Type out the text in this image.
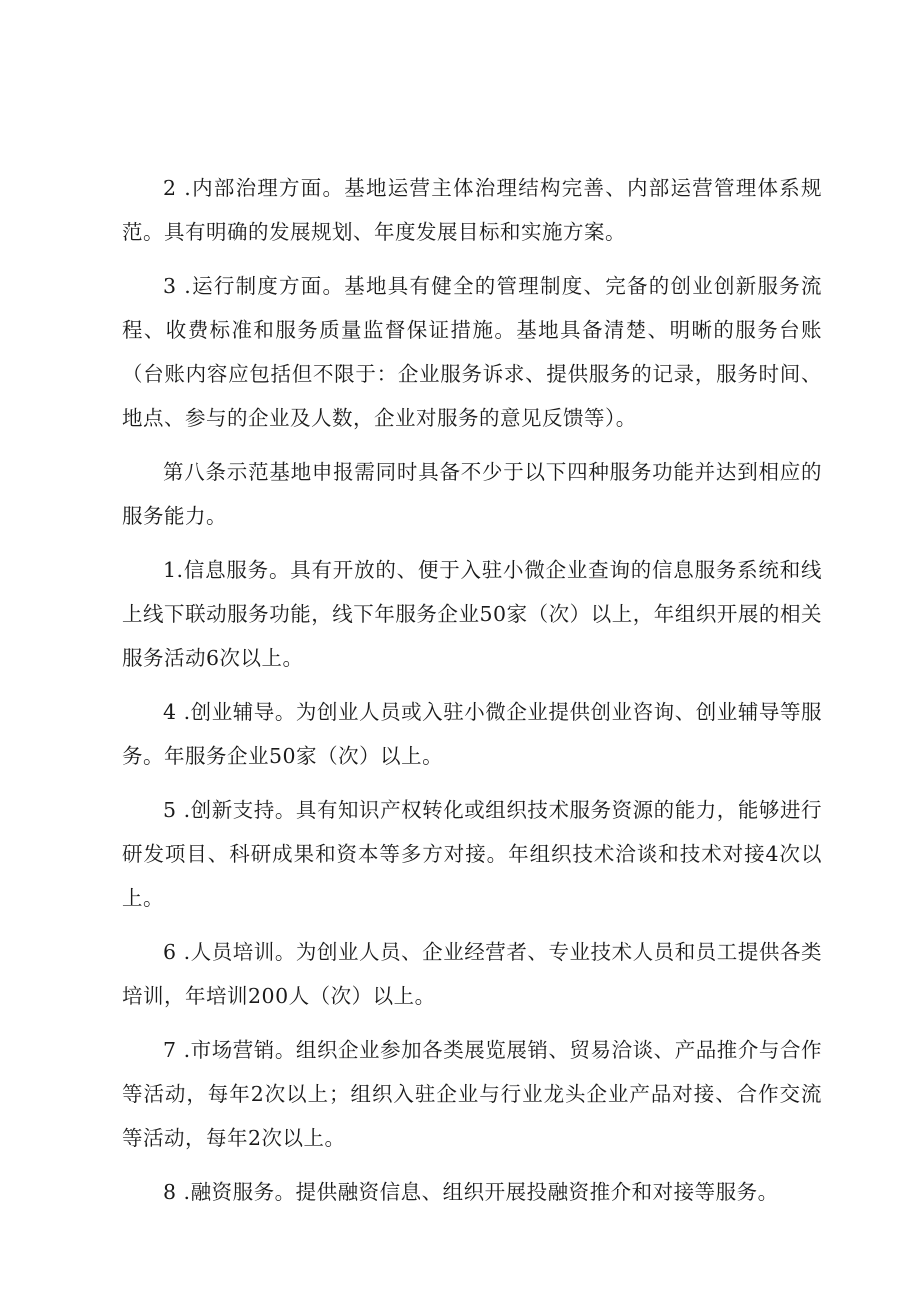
2 .内部治理方面。基地运营主体治理结构完善、内部运营管理体系规范。具有明确的发展规划、年度发展目标和实施方案。

3 .运行制度方面。基地具有健全的管理制度、完备的创业创新服务流程、收费标准和服务质量监督保证措施。基地具备清楚、明晰的服务台账（台账内容应包括但不限于：企业服务诉求、提供服务的记录，服务时间、地点、参与的企业及人数，企业对服务的意见反馈等）。

第八条示范基地申报需同时具备不少于以下四种服务功能并达到相应的服务能力。

1.信息服务。具有开放的、便于入驻小微企业查询的信息服务系统和线上线下联动服务功能，线下年服务企业50家（次）以上，年组织开展的相关服务活动6次以上。

4 .创业辅导。为创业人员或入驻小微企业提供创业咨询、创业辅导等服务。年服务企业50家（次）以上。

5 .创新支持。具有知识产权转化或组织技术服务资源的能力，能够进行研发项目、科研成果和资本等多方对接。年组织技术洽谈和技术对接4次以上。

6 .人员培训。为创业人员、企业经营者、专业技术人员和员工提供各类培训，年培训200人（次）以上。

7 .市场营销。组织企业参加各类展览展销、贸易洽谈、产品推介与合作等活动，每年2次以上；组织入驻企业与行业龙头企业产品对接、合作交流等活动，每年2次以上。

8 .融资服务。提供融资信息、组织开展投融资推介和对接等服务。
